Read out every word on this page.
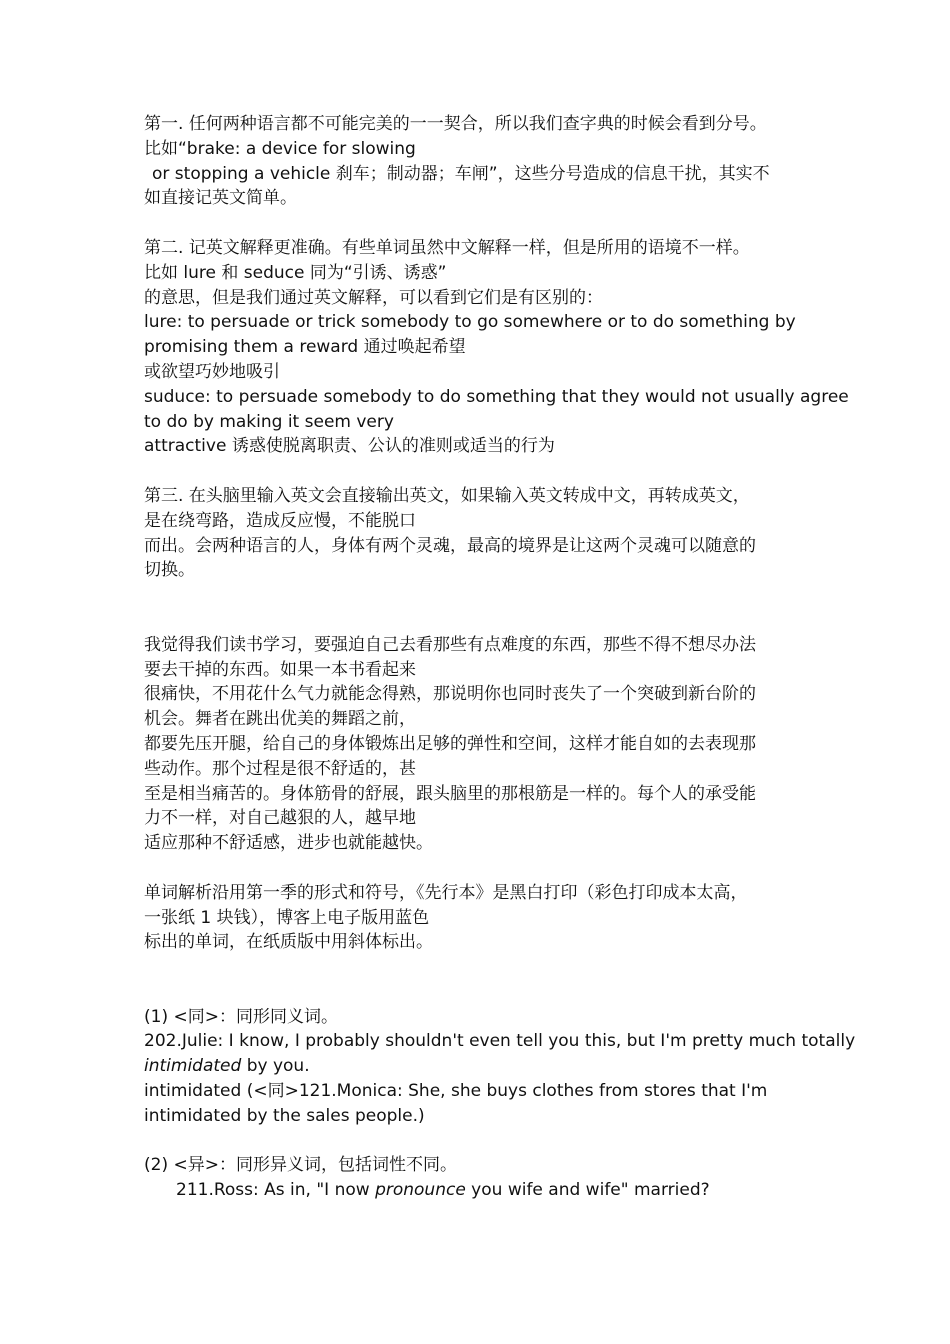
第一. 任何两种语言都不可能完美的一一契合，所以我们查字典的时候会看到分号。
比如“brake: a device for slowing
or stopping a vehicle 刹车；制动器；车闸”，这些分号造成的信息干扰，其实不
如直接记英文简单。
第二. 记英文解释更准确。有些单词虽然中文解释一样，但是所用的语境不一样。
比如 lure 和 seduce 同为“引诱、诱惑”
的意思，但是我们通过英文解释，可以看到它们是有区别的：
lure: to persuade or trick somebody to go somewhere or to do something by
promising them a reward 通过唤起希望
或欲望巧妙地吸引
suduce: to persuade somebody to do something that they would not usually agree
to do by making it seem very
attractive 诱惑使脱离职责、公认的准则或适当的行为
第三. 在头脑里输入英文会直接输出英文，如果输入英文转成中文，再转成英文，
是在绕弯路，造成反应慢，不能脱口
而出。会两种语言的人，身体有两个灵魂，最高的境界是让这两个灵魂可以随意的
切换。
我觉得我们读书学习，要强迫自己去看那些有点难度的东西，那些不得不想尽办法
要去干掉的东西。如果一本书看起来
很痛快，不用花什么气力就能念得熟，那说明你也同时丧失了一个突破到新台阶的
机会。舞者在跳出优美的舞蹈之前，
都要先压开腿，给自己的身体锻炼出足够的弹性和空间，这样才能自如的去表现那
些动作。那个过程是很不舒适的，甚
至是相当痛苦的。身体筋骨的舒展，跟头脑里的那根筋是一样的。每个人的承受能
力不一样，对自己越狠的人，越早地
适应那种不舒适感，进步也就能越快。
单词解析沿用第一季的形式和符号，《先行本》是黑白打印（彩色打印成本太高，
一张纸 1 块钱），博客上电子版用蓝色
标出的单词，在纸质版中用斜体标出。
(1) <同>：同形同义词。
202.Julie: I know, I probably shouldn't even tell you this, but I'm pretty much totally
intimidated by you.
intimidated (<同>121.Monica: She, she buys clothes from stores that I'm
intimidated by the sales people.)
(2) <异>：同形异义词，包括词性不同。
211.Ross: As in, "I now pronounce you wife and wife" married?
